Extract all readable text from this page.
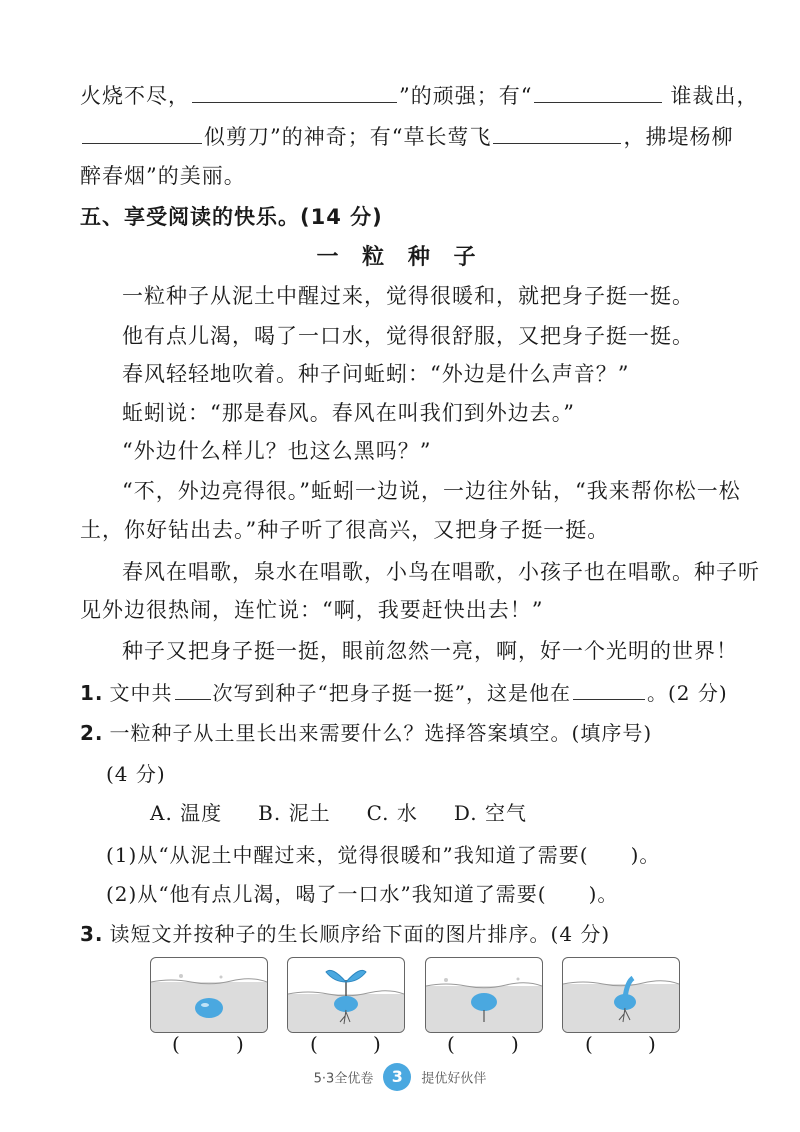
火烧不尽，	”的顽强；有“	谁裁出，
似剪刀”的神奇；有“草长莺飞	，拂堤杨柳
醉春烟”的美丽。
五、享受阅读的快乐。(14 分)
一 粒 种 子
一粒种子从泥土中醒过来，觉得很暖和，就把身子挺一挺。
他有点儿渴，喝了一口水，觉得很舒服，又把身子挺一挺。
春风轻轻地吹着。种子问蚯蚓：“外边是什么声音？”
蚯蚓说：“那是春风。春风在叫我们到外边去。”
“外边什么样儿？也这么黑吗？”
“不，外边亮得很。”蚯蚓一边说，一边往外钻，“我来帮你松一松
土，你好钻出去。”种子听了很高兴，又把身子挺一挺。
春风在唱歌，泉水在唱歌，小鸟在唱歌，小孩子也在唱歌。种子听
见外边很热闹，连忙说：“啊，我要赶快出去！”
种子又把身子挺一挺，眼前忽然一亮，啊，好一个光明的世界！
1. 文中共 次写到种子“把身子挺一挺”，这是他在	。(2 分)
2. 一粒种子从土里长出来需要什么？选择答案填空。(填序号)
(4 分)
A. 温度 B. 泥土 C. 水 D. 空气
(1)从“从泥土中醒过来，觉得很暖和”我知道了需要( )。
(2)从“他有点儿渴，喝了一口水”我知道了需要( )。
3. 读短文并按种子的生长顺序给下面的图片排序。(4 分)
(	)	(	)	(	)	(	)
5·3全优卷 3 提优好伙伴
